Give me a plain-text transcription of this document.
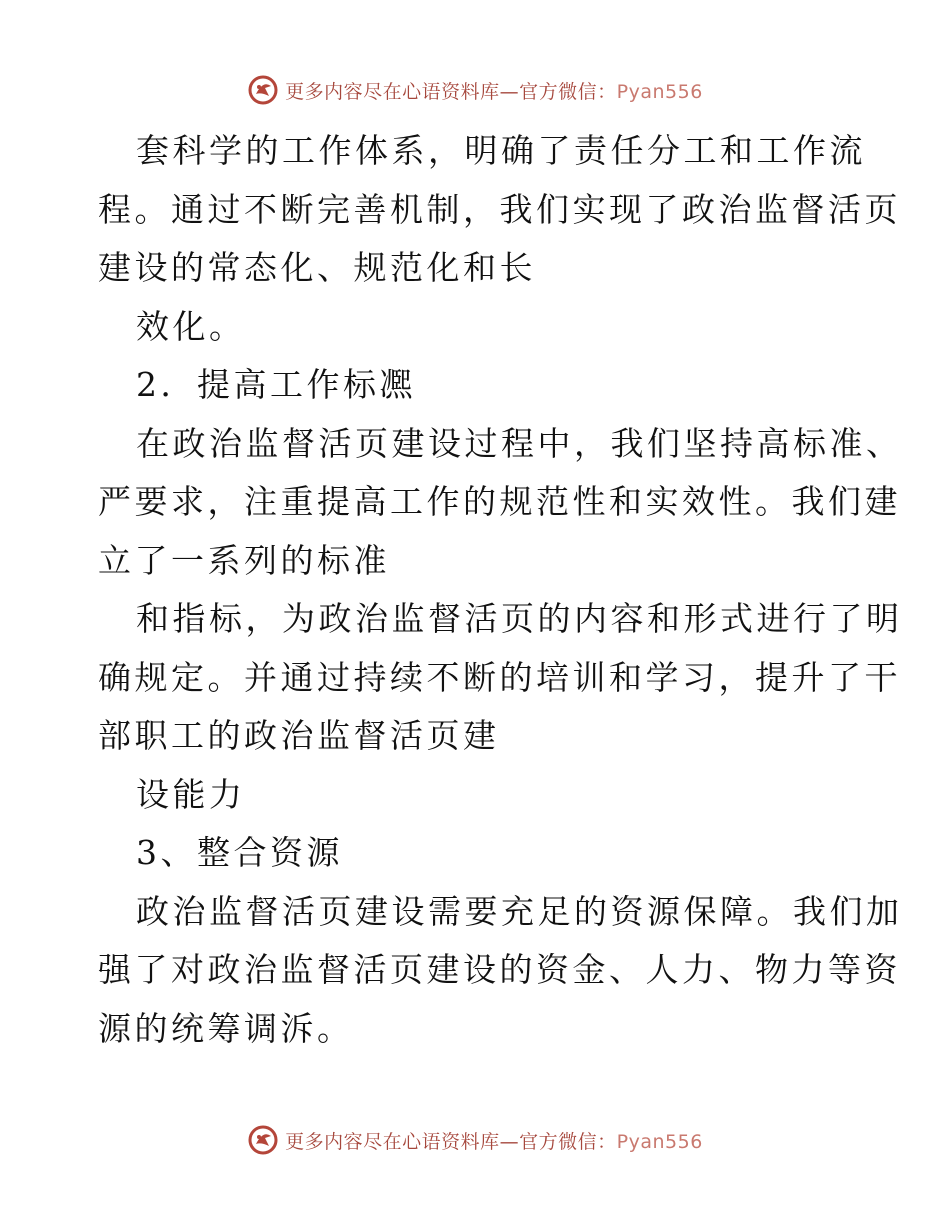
更多内容尽在心语资料库—官方微信：Pyan556
套科学的工作体系，明确了责任分工和工作流
程。通过不断完善机制，我们实现了政治监督活页
建设的常态化、规范化和长
效化。
2．提高工作标凞
在政治监督活页建设过程中，我们坚持高标准、
严要求，注重提高工作的规范性和实效性。我们建
立了一系列的标准
和指标，为政治监督活页的内容和形式进行了明
确规定。并通过持续不断的培训和学习，提升了干
部职工的政治监督活页建
设能力
3、整合资源
政治监督活页建设需要充足的资源保障。我们加
强了对政治监督活页建设的资金、人力、物力等资
源的统筹调泝。
更多内容尽在心语资料库—官方微信：Pyan556
